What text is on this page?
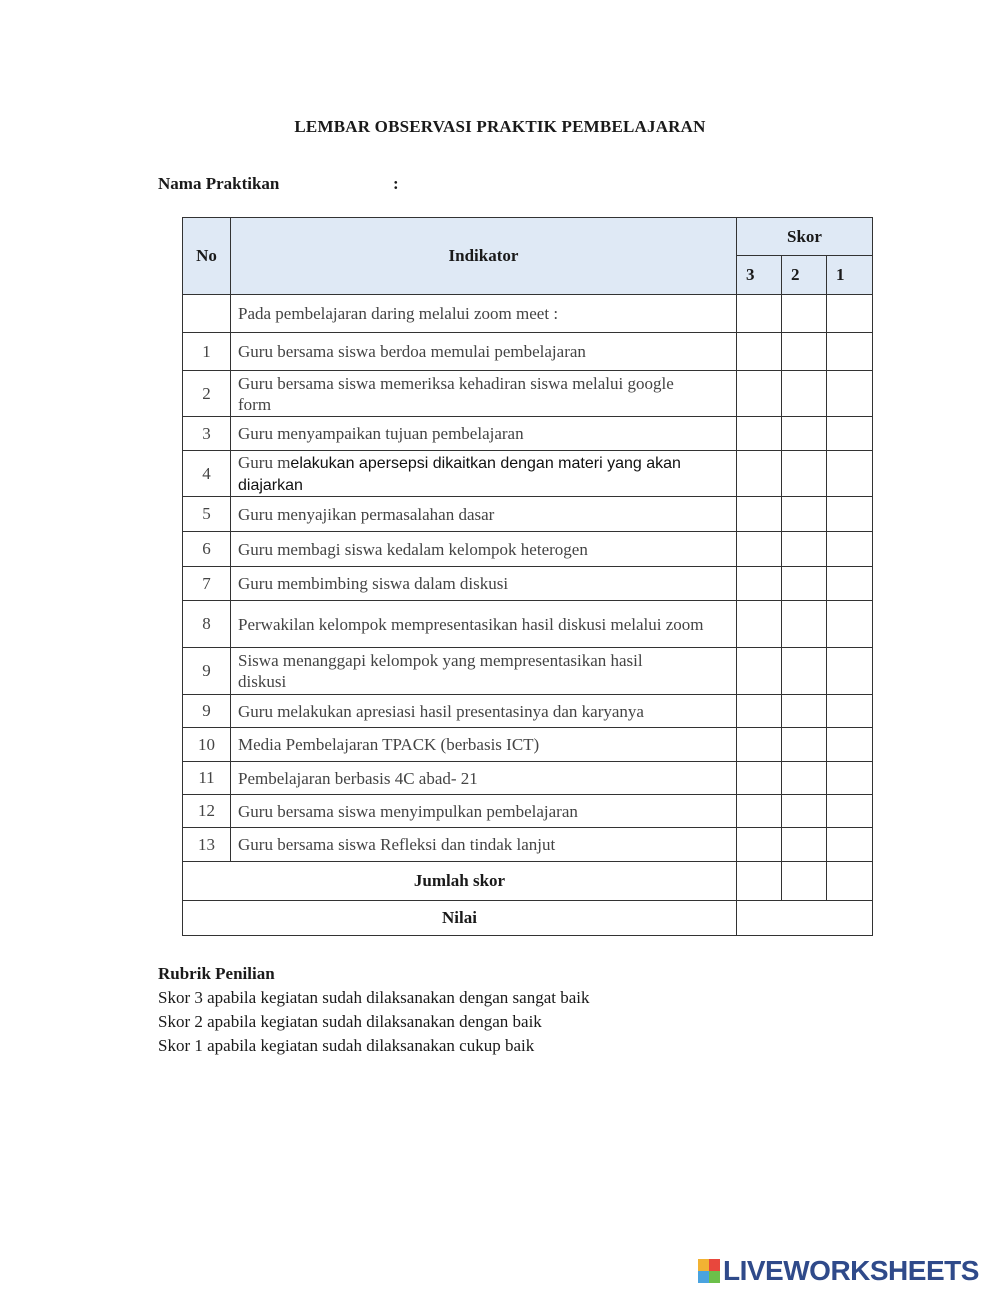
LEMBAR OBSERVASI PRAKTIK PEMBELAJARAN
Nama Praktikan	:
No	Indikator	Skor		
		3	2	1
	Pada pembelajaran daring melalui zoom meet :			
1	Guru bersama siswa berdoa memulai pembelajaran			
2	Guru bersama siswa memeriksa kehadiran siswa melalui google form			
3	Guru menyampaikan tujuan pembelajaran			
4	Guru melakukan apersepsi dikaitkan dengan materi yang akan diajarkan			
5	Guru menyajikan permasalahan dasar			
6	Guru membagi siswa kedalam kelompok heterogen			
7	Guru membimbing siswa dalam diskusi			
8	Perwakilan kelompok mempresentasikan hasil diskusi melalui zoom			
9	Siswa menanggapi kelompok yang mempresentasikan hasil diskusi			
9	Guru melakukan apresiasi hasil presentasinya dan karyanya			
10	Media Pembelajaran TPACK (berbasis ICT)			
11	Pembelajaran berbasis 4C abad- 21			
12	Guru bersama siswa menyimpulkan pembelajaran			
13	Guru bersama siswa Refleksi dan tindak lanjut			
Jumlah skor				
Nilai				
Rubrik Penilian
Skor 3 apabila kegiatan sudah dilaksanakan dengan sangat baik
Skor 2 apabila kegiatan sudah dilaksanakan dengan baik
Skor 1 apabila kegiatan sudah dilaksanakan cukup baik
LIVEWORKSHEETS
